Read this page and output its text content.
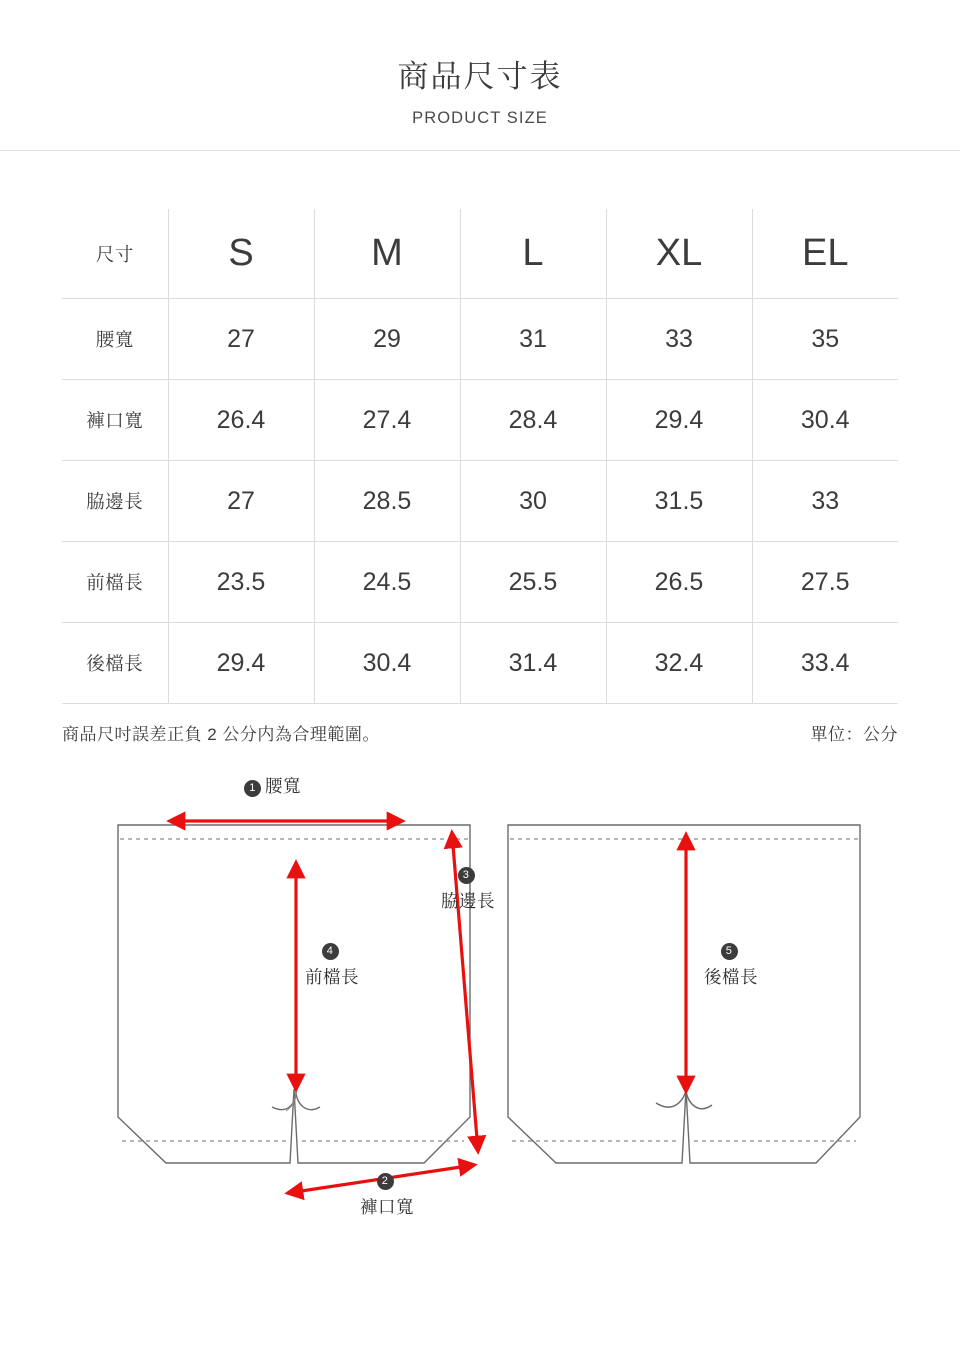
商品尺寸表
PRODUCT SIZE
尺寸	S	M	L	XL	EL
腰寬	27	29	31	33	35
褲口寬	26.4	27.4	28.4	29.4	30.4
脇邊長	27	28.5	30	31.5	33
前檔長	23.5	24.5	25.5	26.5	27.5
後檔長	29.4	30.4	31.4	32.4	33.4
商品尺吋誤差正負 2 公分内為合理範圍。	單位：公分
1 腰寬
4
前檔長
3
脇邊長
2
褲口寬
5
後檔長
